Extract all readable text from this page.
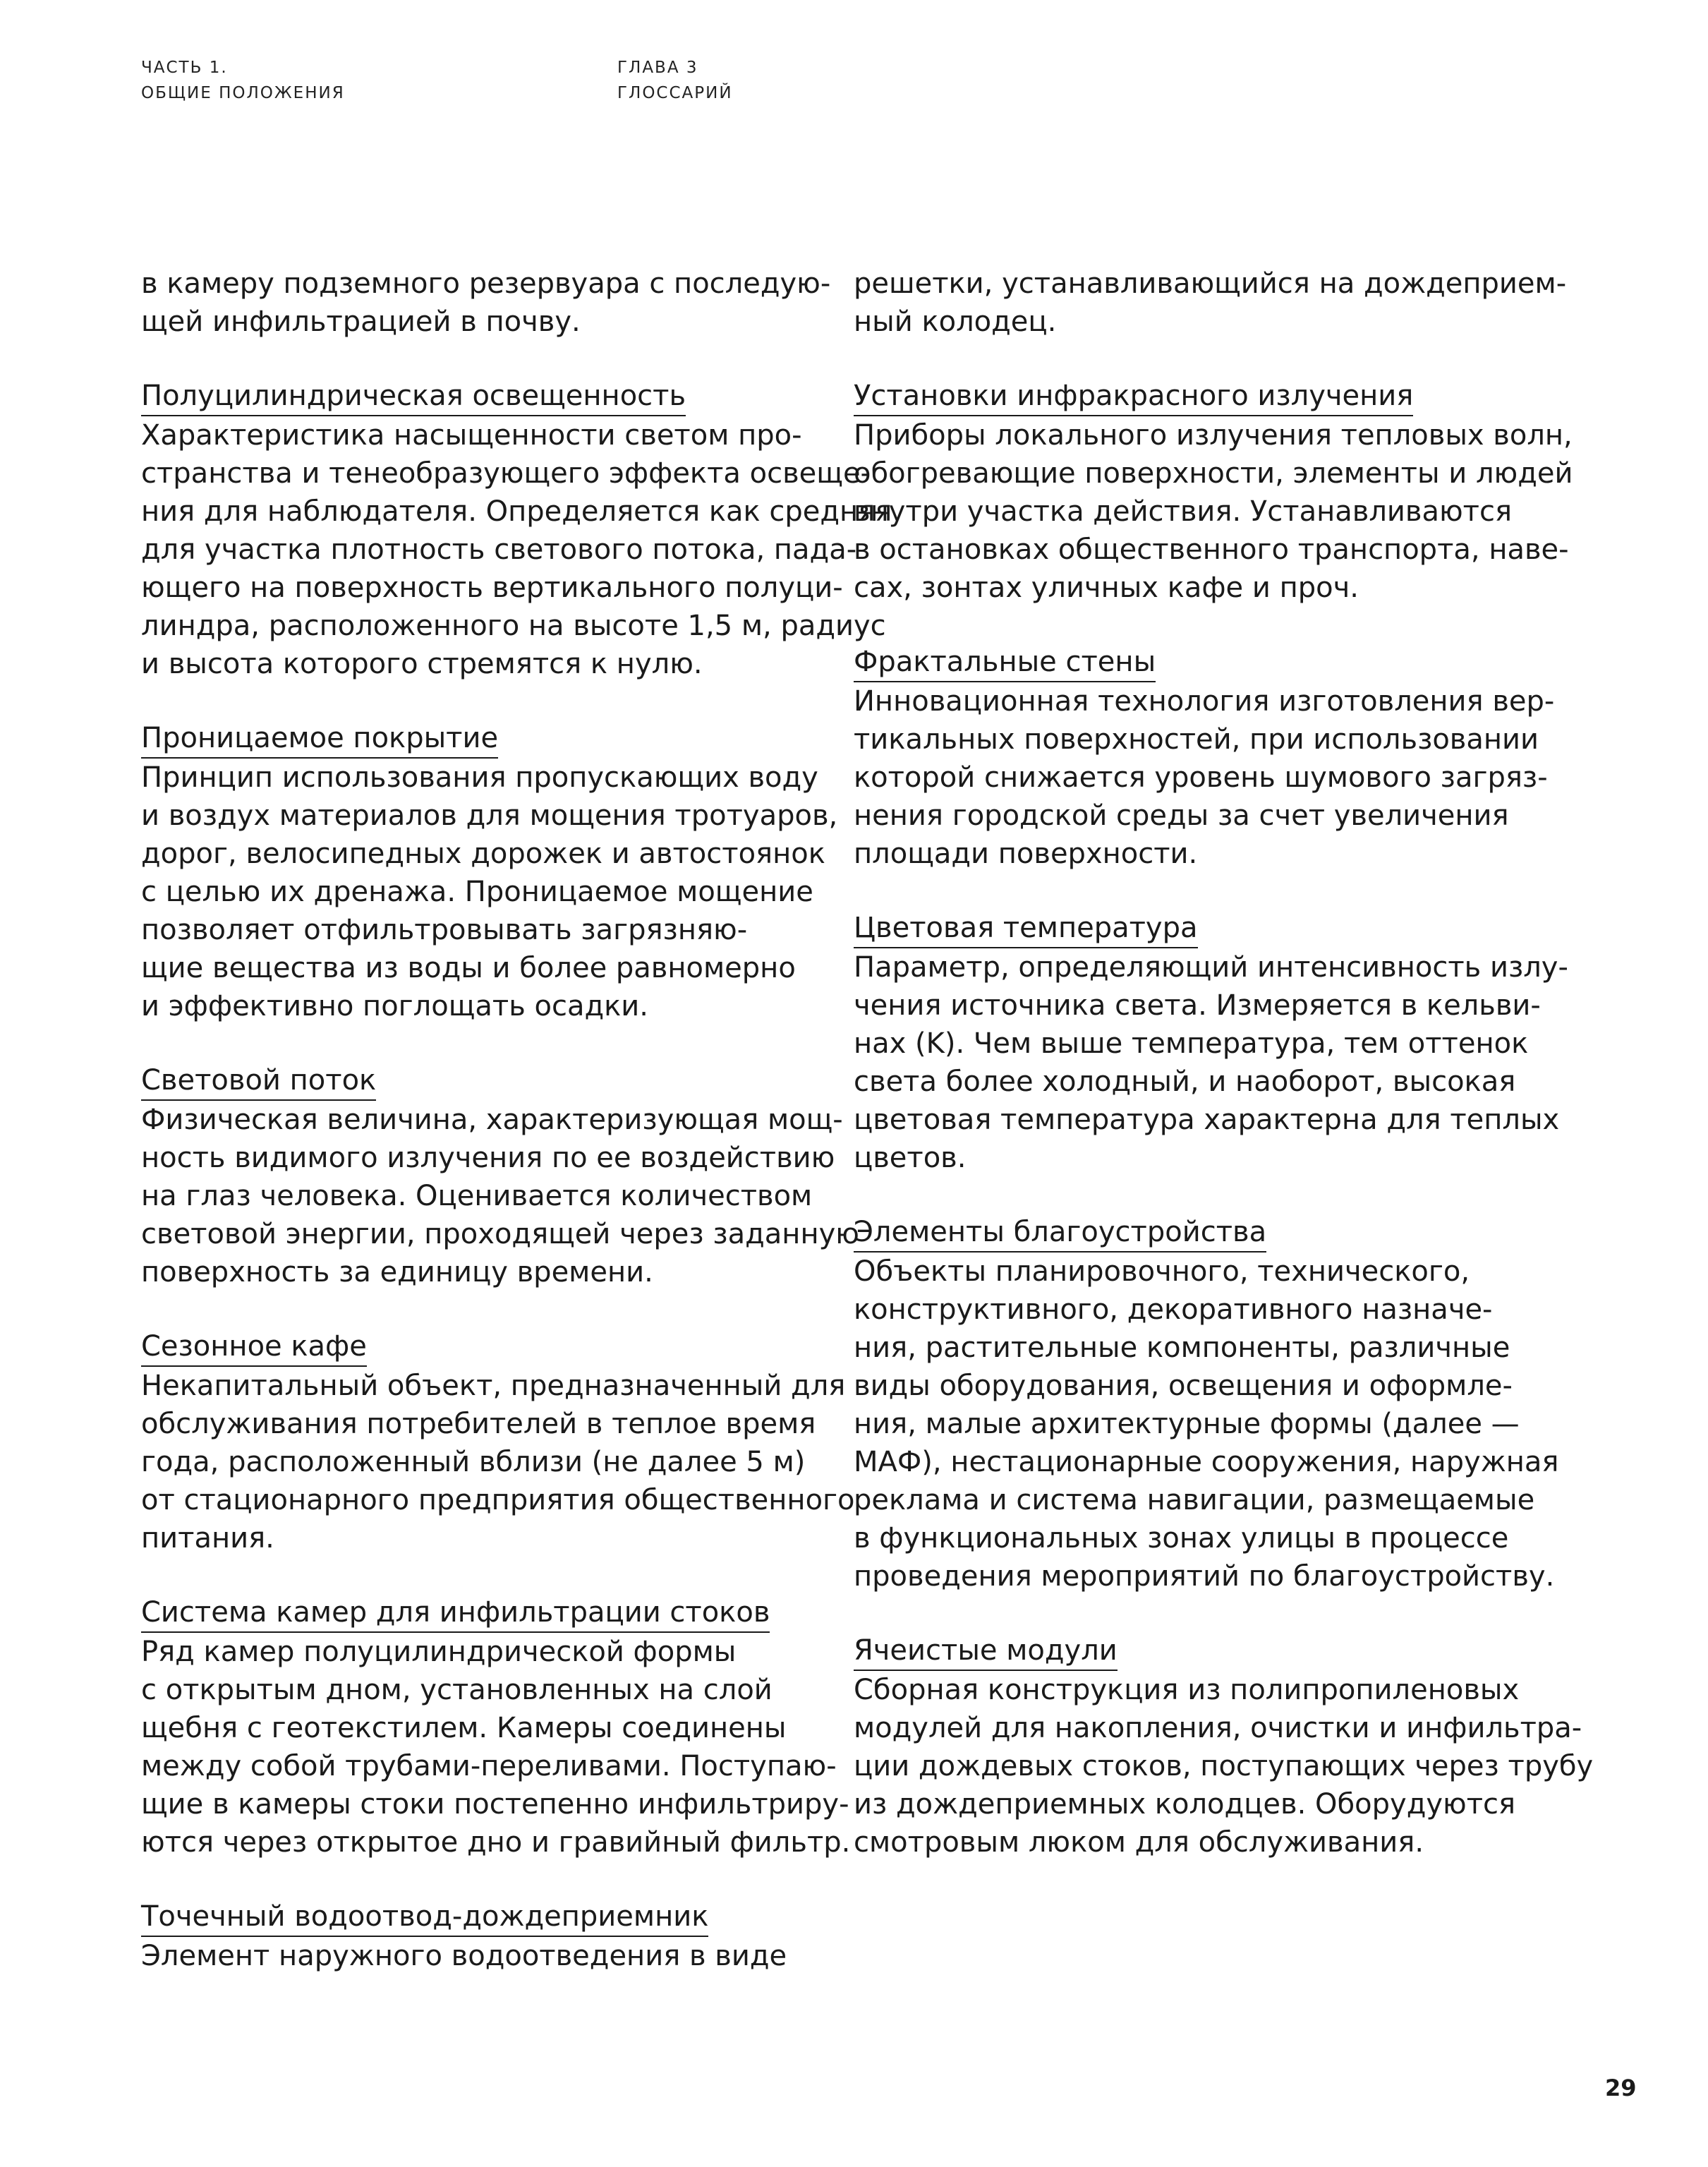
ЧАСТЬ 1.
ОБЩИЕ ПОЛОЖЕНИЯ
ГЛАВА 3
ГЛОССАРИЙ
в камеру подземного резервуара с последую-
щей инфильтрацией в почву.
Полуцилиндрическая освещенность
Характеристика насыщенности светом про-
странства и тенеобразующего эффекта освеще-
ния для наблюдателя. Определяется как средняя
для участка плотность светового потока, пада-
ющего на поверхность вертикального полуци-
линдра, расположенного на высоте 1,5 м, радиус
и высота которого стремятся к нулю.
Проницаемое покрытие
Принцип использования пропускающих воду
и воздух материалов для мощения тротуаров,
дорог, велосипедных дорожек и автостоянок
с целью их дренажа. Проницаемое мощение
позволяет отфильтровывать загрязняю-
щие вещества из воды и более равномерно
и эффективно поглощать осадки.
Световой поток
Физическая величина, характеризующая мощ-
ность видимого излучения по ее воздействию
на глаз человека. Оценивается количеством
световой энергии, проходящей через заданную
поверхность за единицу времени.
Сезонное кафе
Некапитальный объект, предназначенный для
обслуживания потребителей в теплое время
года, расположенный вблизи (не далее 5 м)
от стационарного предприятия общественного
питания.
Система камер для инфильтрации стоков
Ряд камер полуцилиндрической формы
с открытым дном, установленных на слой
щебня с геотекстилем. Камеры соединены
между собой трубами-переливами. Поступаю-
щие в камеры стоки постепенно инфильтриру-
ются через открытое дно и гравийный фильтр.
Точечный водоотвод-дождеприемник
Элемент наружного водоотведения в виде
решетки, устанавливающийся на дождеприем-
ный колодец.
Установки инфракрасного излучения
Приборы локального излучения тепловых волн,
обогревающие поверхности, элементы и людей
внутри участка действия. Устанавливаются
в остановках общественного транспорта, наве-
сах, зонтах уличных кафе и проч.
Фрактальные стены
Инновационная технология изготовления вер-
тикальных поверхностей, при использовании
которой снижается уровень шумового загряз-
нения городской среды за счет увеличения
площади поверхности.
Цветовая температура
Параметр, определяющий интенсивность излу-
чения источника света. Измеряется в кельви-
нах (K). Чем выше температура, тем оттенок
света более холодный, и наоборот, высокая
цветовая температура характерна для теплых
цветов.
Элементы благоустройства
Объекты планировочного, технического,
конструктивного, декоративного назначе-
ния, растительные компоненты, различные
виды оборудования, освещения и оформле-
ния, малые архитектурные формы (далее —
МАФ), нестационарные сооружения, наружная
реклама и система навигации, размещаемые
в функциональных зонах улицы в процессе
проведения мероприятий по благоустройству.
Ячеистые модули
Сборная конструкция из полипропиленовых
модулей для накопления, очистки и инфильтра-
ции дождевых стоков, поступающих через трубу
из дождеприемных колодцев. Оборудуются
смотровым люком для обслуживания.
29
